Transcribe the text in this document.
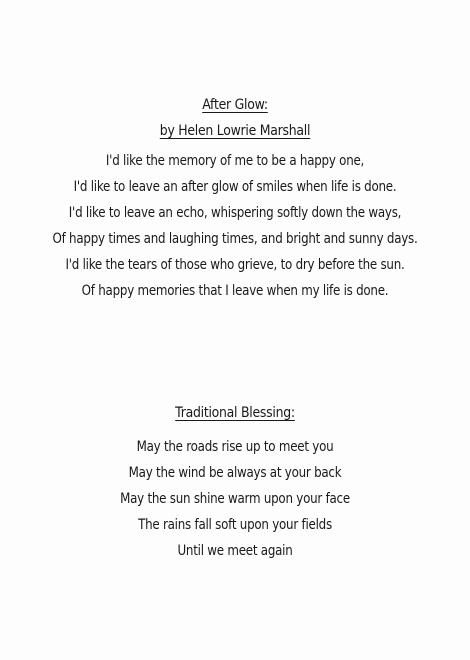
After Glow:
by Helen Lowrie Marshall
I'd like the memory of me to be a happy one,
I'd like to leave an after glow of smiles when life is done.
I'd like to leave an echo, whispering softly down the ways,
Of happy times and laughing times, and bright and sunny days.
I'd like the tears of those who grieve, to dry before the sun.
Of happy memories that I leave when my life is done.
Traditional Blessing:
May the roads rise up to meet you
May the wind be always at your back
May the sun shine warm upon your face
The rains fall soft upon your fields
Until we meet again
